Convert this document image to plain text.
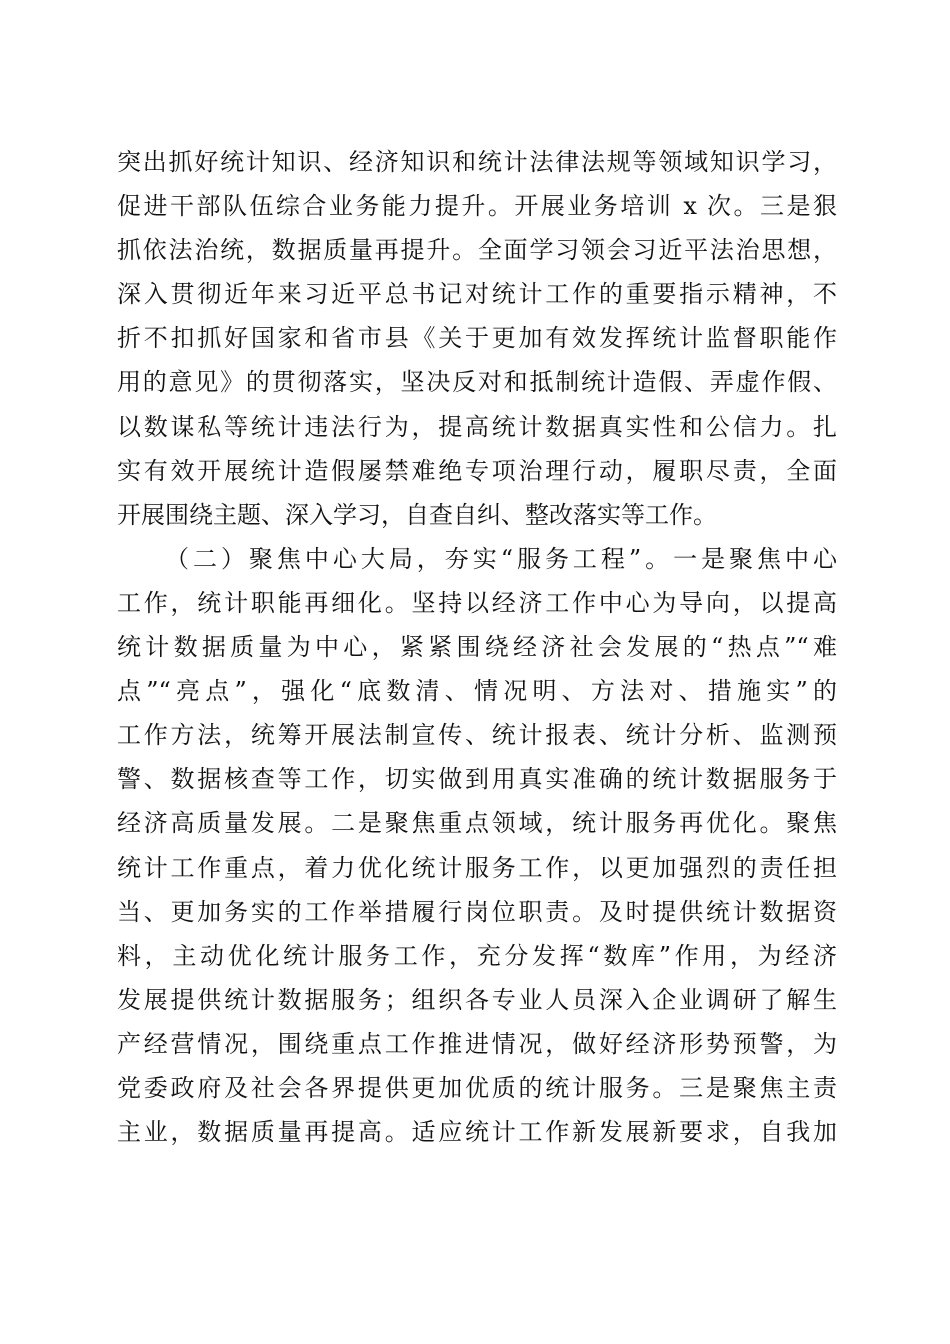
突出抓好统计知识、经济知识和统计法律法规等领域知识学习，
促进干部队伍综合业务能力提升。开展业务培训 x 次。三是狠
抓依法治统，数据质量再提升。全面学习领会习近平法治思想，
深入贯彻近年来习近平总书记对统计工作的重要指示精神，不
折不扣抓好国家和省市县《关于更加有效发挥统计监督职能作
用的意见》的贯彻落实，坚决反对和抵制统计造假、弄虚作假、
以数谋私等统计违法行为，提高统计数据真实性和公信力。扎
实有效开展统计造假屡禁难绝专项治理行动，履职尽责，全面
开展围绕主题、深入学习，自查自纠、整改落实等工作。
（二）聚焦中心大局，夯实“服务工程”。一是聚焦中心
工作，统计职能再细化。坚持以经济工作中心为导向，以提高
统计数据质量为中心，紧紧围绕经济社会发展的“热点”“难
点”“亮点”，强化“底数清、情况明、方法对、措施实”的
工作方法，统筹开展法制宣传、统计报表、统计分析、监测预
警、数据核查等工作，切实做到用真实准确的统计数据服务于
经济高质量发展。二是聚焦重点领域，统计服务再优化。聚焦
统计工作重点，着力优化统计服务工作，以更加强烈的责任担
当、更加务实的工作举措履行岗位职责。及时提供统计数据资
料，主动优化统计服务工作，充分发挥“数库”作用，为经济
发展提供统计数据服务；组织各专业人员深入企业调研了解生
产经营情况，围绕重点工作推进情况，做好经济形势预警，为
党委政府及社会各界提供更加优质的统计服务。三是聚焦主责
主业，数据质量再提高。适应统计工作新发展新要求，自我加
